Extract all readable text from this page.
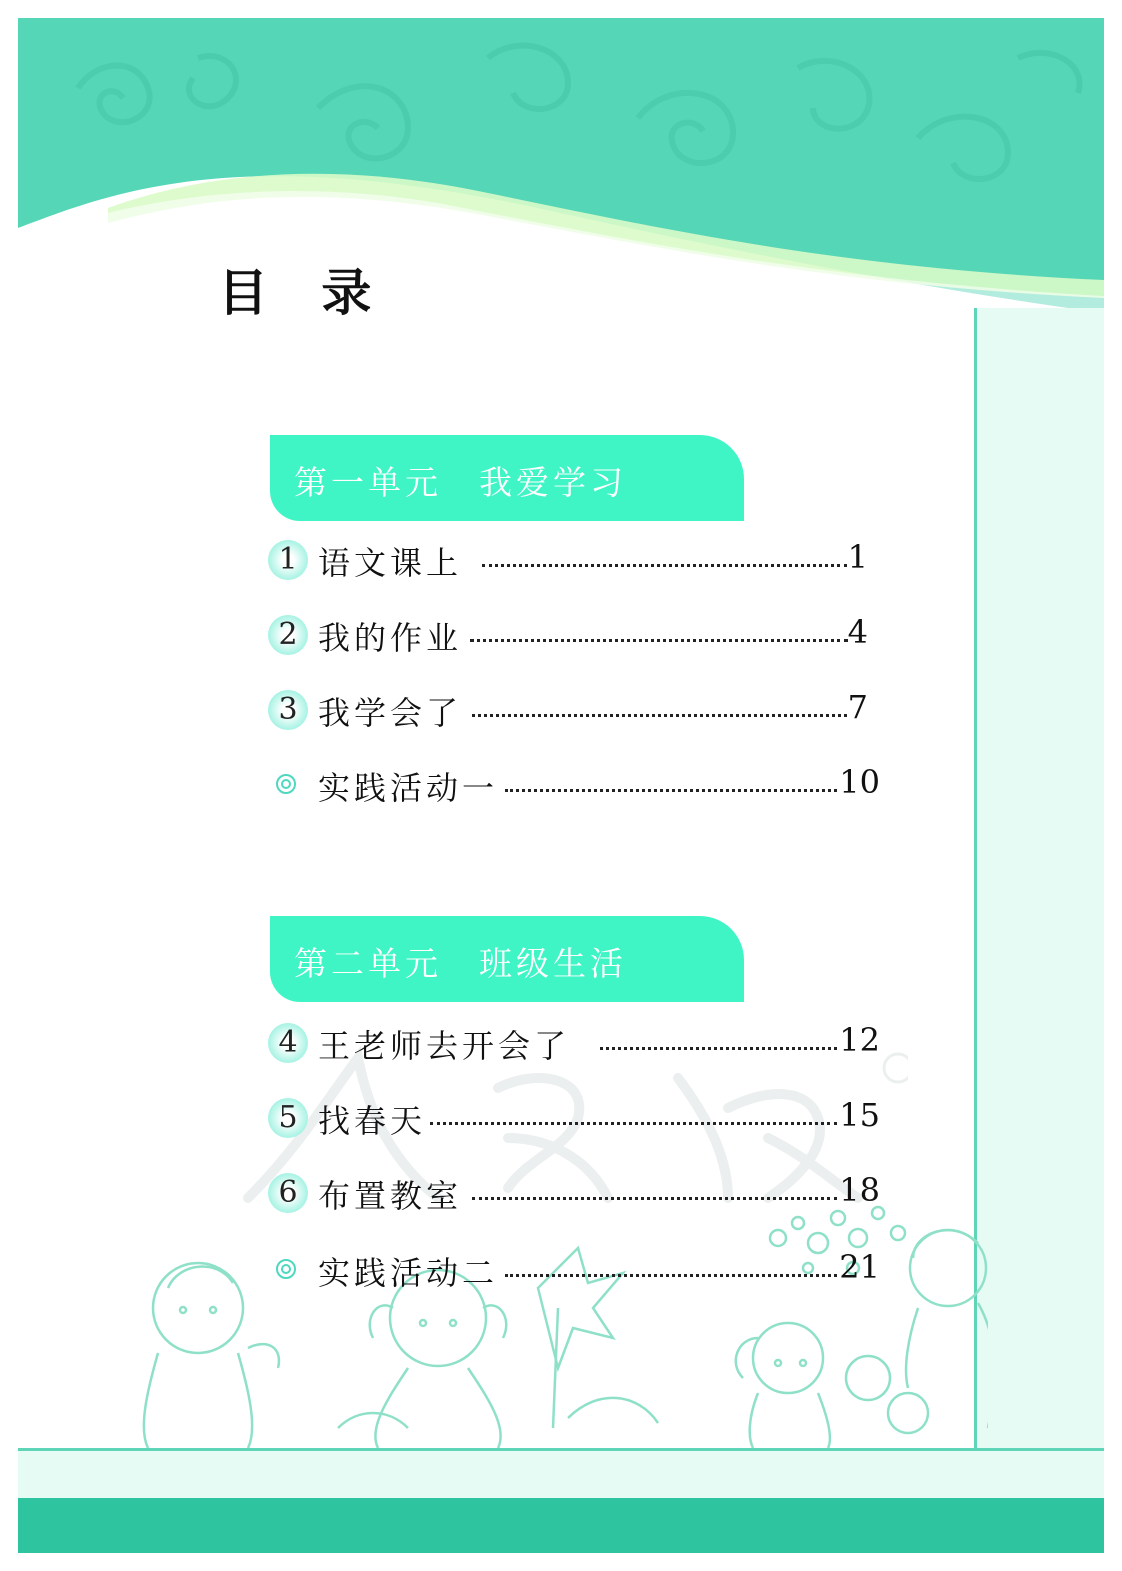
目 录
第一单元　我爱学习
1 语文课上	1
2 我的作业	4
3 我学会了	7
实践活动一	10
第二单元　班级生活
4 王老师去开会了	12
5 找春天	15
6 布置教室	18
实践活动二	21
